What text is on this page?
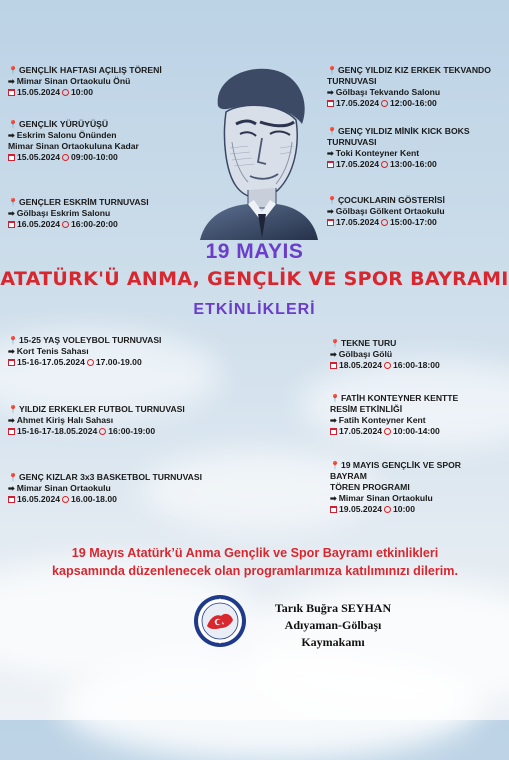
📍GENÇLİK HAFTASI AÇILIŞ TÖRENİ
➡ Mimar Sinan Ortaokulu Önü
15.05.2024 10:00
📍GENÇLİK YÜRÜYÜŞÜ
➡ Eskrim Salonu Önünden
Mimar Sinan Ortaokuluna Kadar
15.05.2024 09:00-10:00
📍GENÇLER ESKRİM TURNUVASI
➡ Gölbaşı Eskrim Salonu
16.05.2024 16:00-20:00
📍15-25 YAŞ VOLEYBOL TURNUVASI
➡ Kort Tenis Sahası
15-16-17.05.2024 17.00-19.00
📍YILDIZ ERKEKLER FUTBOL TURNUVASI
➡ Ahmet Kiriş Halı Sahası
15-16-17-18.05.2024 16:00-19:00
📍GENÇ KIZLAR 3x3 BASKETBOL TURNUVASI
➡ Mimar Sinan Ortaokulu
16.05.2024 16.00-18.00
📍GENÇ YILDIZ KIZ ERKEK TEKVANDO
TURNUVASI
➡ Gölbaşı Tekvando Salonu
17.05.2024 12:00-16:00
📍GENÇ YILDIZ MİNİK KICK BOKS
TURNUVASI
➡ Toki Konteyner Kent
17.05.2024 13:00-16:00
📍ÇOCUKLARIN GÖSTERİSİ
➡ Gölbaşı Gölkent Ortaokulu
17.05.2024 15:00-17:00
📍TEKNE TURU
➡ Gölbaşı Gölü
18.05.2024 16:00-18:00
📍FATİH KONTEYNER KENTTE
RESİM ETKİNLİĞİ
➡ Fatih Konteyner Kent
17.05.2024 10:00-14:00
📍19 MAYIS GENÇLİK VE SPOR
BAYRAM
TÖREN PROGRAMI
➡ Mimar Sinan Ortaokulu
19.05.2024 10:00
19 MAYIS
ATATÜRK'Ü ANMA, GENÇLİK VE SPOR BAYRAMI
ETKİNLİKLERİ
19 Mayıs Atatürk’ü Anma Gençlik ve Spor Bayramı etkinlikleri
kapsamında düzenlenecek olan programlarımıza katılımınızı dilerim.
Tarık Buğra SEYHAN
Adıyaman-Gölbaşı
Kaymakamı
